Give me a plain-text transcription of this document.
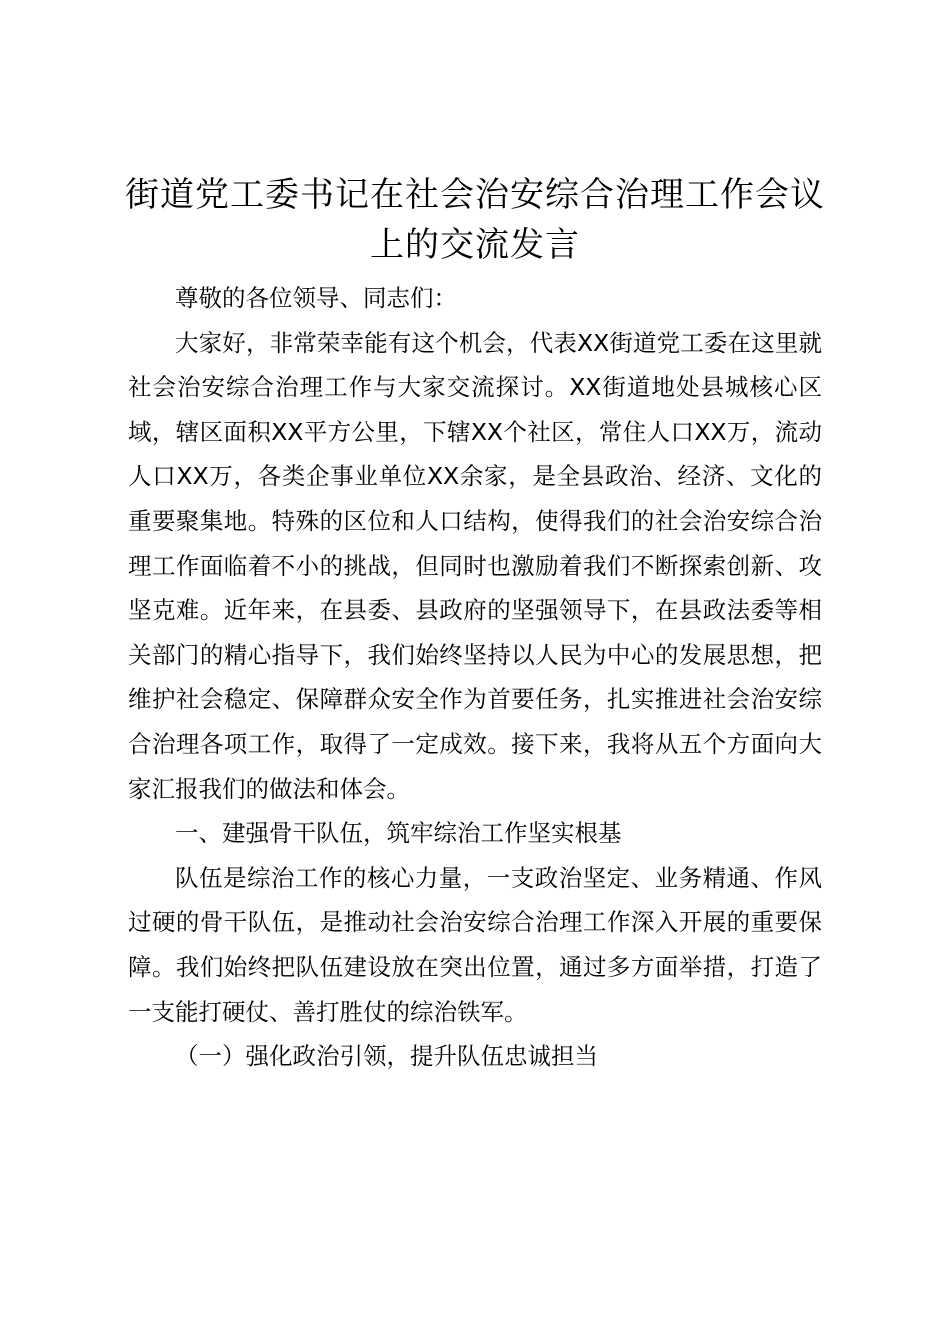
街道党工委书记在社会治安综合治理工作会议上的交流发言

尊敬的各位领导、同志们：

大家好，非常荣幸能有这个机会，代表XX街道党工委在这里就社会治安综合治理工作与大家交流探讨。XX街道地处县城核心区域，辖区面积XX平方公里，下辖XX个社区，常住人口XX万，流动人口XX万，各类企事业单位XX余家，是全县政治、经济、文化的重要聚集地。特殊的区位和人口结构，使得我们的社会治安综合治理工作面临着不小的挑战，但同时也激励着我们不断探索创新、攻坚克难。近年来，在县委、县政府的坚强领导下，在县政法委等相关部门的精心指导下，我们始终坚持以人民为中心的发展思想，把维护社会稳定、保障群众安全作为首要任务，扎实推进社会治安综合治理各项工作，取得了一定成效。接下来，我将从五个方面向大家汇报我们的做法和体会。

一、建强骨干队伍，筑牢综治工作坚实根基

队伍是综治工作的核心力量，一支政治坚定、业务精通、作风过硬的骨干队伍，是推动社会治安综合治理工作深入开展的重要保障。我们始终把队伍建设放在突出位置，通过多方面举措，打造了一支能打硬仗、善打胜仗的综治铁军。

（一）强化政治引领，提升队伍忠诚担当
